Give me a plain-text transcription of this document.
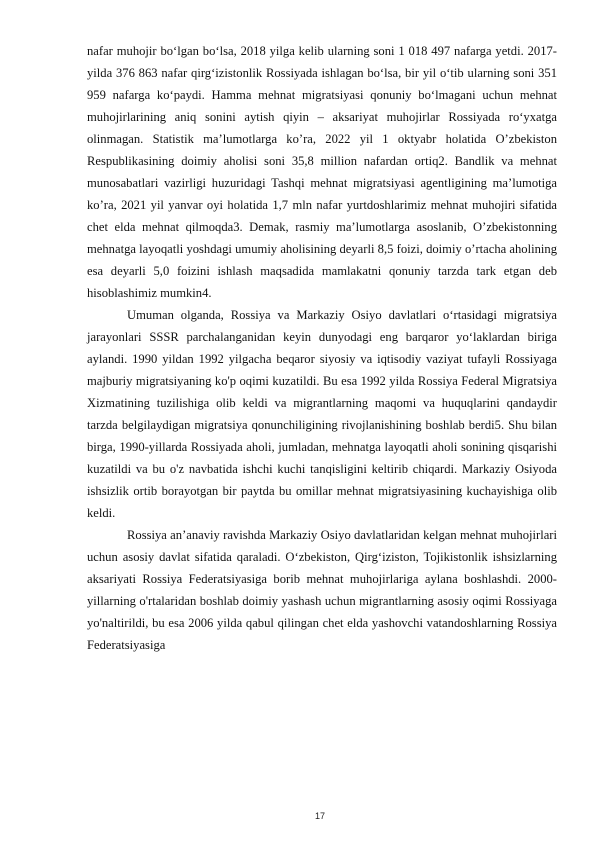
nafar muhojir bo‘lgan bo‘lsa, 2018 yilga kelib ularning soni 1 018 497 nafarga yetdi. 2017-yilda 376 863 nafar qirg‘izistonlik Rossiyada ishlagan bo‘lsa, bir yil o‘tib ularning soni 351 959 nafarga ko‘paydi. Hamma mehnat migratsiyasi qonuniy bo‘lmagani uchun mehnat muhojirlarining aniq sonini aytish qiyin – aksariyat muhojirlar Rossiyada ro‘yxatga olinmagan. Statistik ma’lumotlarga ko’ra, 2022 yil 1 oktyabr holatida O’zbekiston Respublikasining doimiy aholisi soni 35,8 million nafardan ortiq2. Bandlik va mehnat munosabatlari vazirligi huzuridagi Tashqi mehnat migratsiyasi agentligining ma’lumotiga ko’ra, 2021 yil yanvar oyi holatida 1,7 mln nafar yurtdoshlarimiz mehnat muhojiri sifatida chet elda mehnat qilmoqda3. Demak, rasmiy ma’lumotlarga asoslanib, O’zbekistonning mehnatga layoqatli yoshdagi umumiy aholisining deyarli 8,5 foizi, doimiy o’rtacha aholining esa deyarli 5,0 foizini ishlash maqsadida mamlakatni qonuniy tarzda tark etgan deb hisoblashimiz mumkin4.

Umuman olganda, Rossiya va Markaziy Osiyo davlatlari o‘rtasidagi migratsiya jarayonlari SSSR parchalanganidan keyin dunyodagi eng barqaror yo‘laklardan biriga aylandi. 1990 yildan 1992 yilgacha beqaror siyosiy va iqtisodiy vaziyat tufayli Rossiyaga majburiy migratsiyaning ko'p oqimi kuzatildi. Bu esa 1992 yilda Rossiya Federal Migratsiya Xizmatining tuzilishiga olib keldi va migrantlarning maqomi va huquqlarini qandaydir tarzda belgilaydigan migratsiya qonunchiligining rivojlanishining boshlab berdi5. Shu bilan birga, 1990-yillarda Rossiyada aholi, jumladan, mehnatga layoqatli aholi sonining qisqarishi kuzatildi va bu o'z navbatida ishchi kuchi tanqisligini keltirib chiqardi. Markaziy Osiyoda ishsizlik ortib borayotgan bir paytda bu omillar mehnat migratsiyasining kuchayishiga olib keldi.

Rossiya an’anaviy ravishda Markaziy Osiyo davlatlaridan kelgan mehnat muhojirlari uchun asosiy davlat sifatida qaraladi. O‘zbekiston, Qirg‘iziston, Tojikistonlik ishsizlarning aksariyati Rossiya Federatsiyasiga borib mehnat muhojirlariga aylana boshlashdi. 2000-yillarning o'rtalaridan boshlab doimiy yashash uchun migrantlarning asosiy oqimi Rossiyaga yo'naltirildi, bu esa 2006 yilda qabul qilingan chet elda yashovchi vatandoshlarning Rossiya Federatsiyasiga

17
